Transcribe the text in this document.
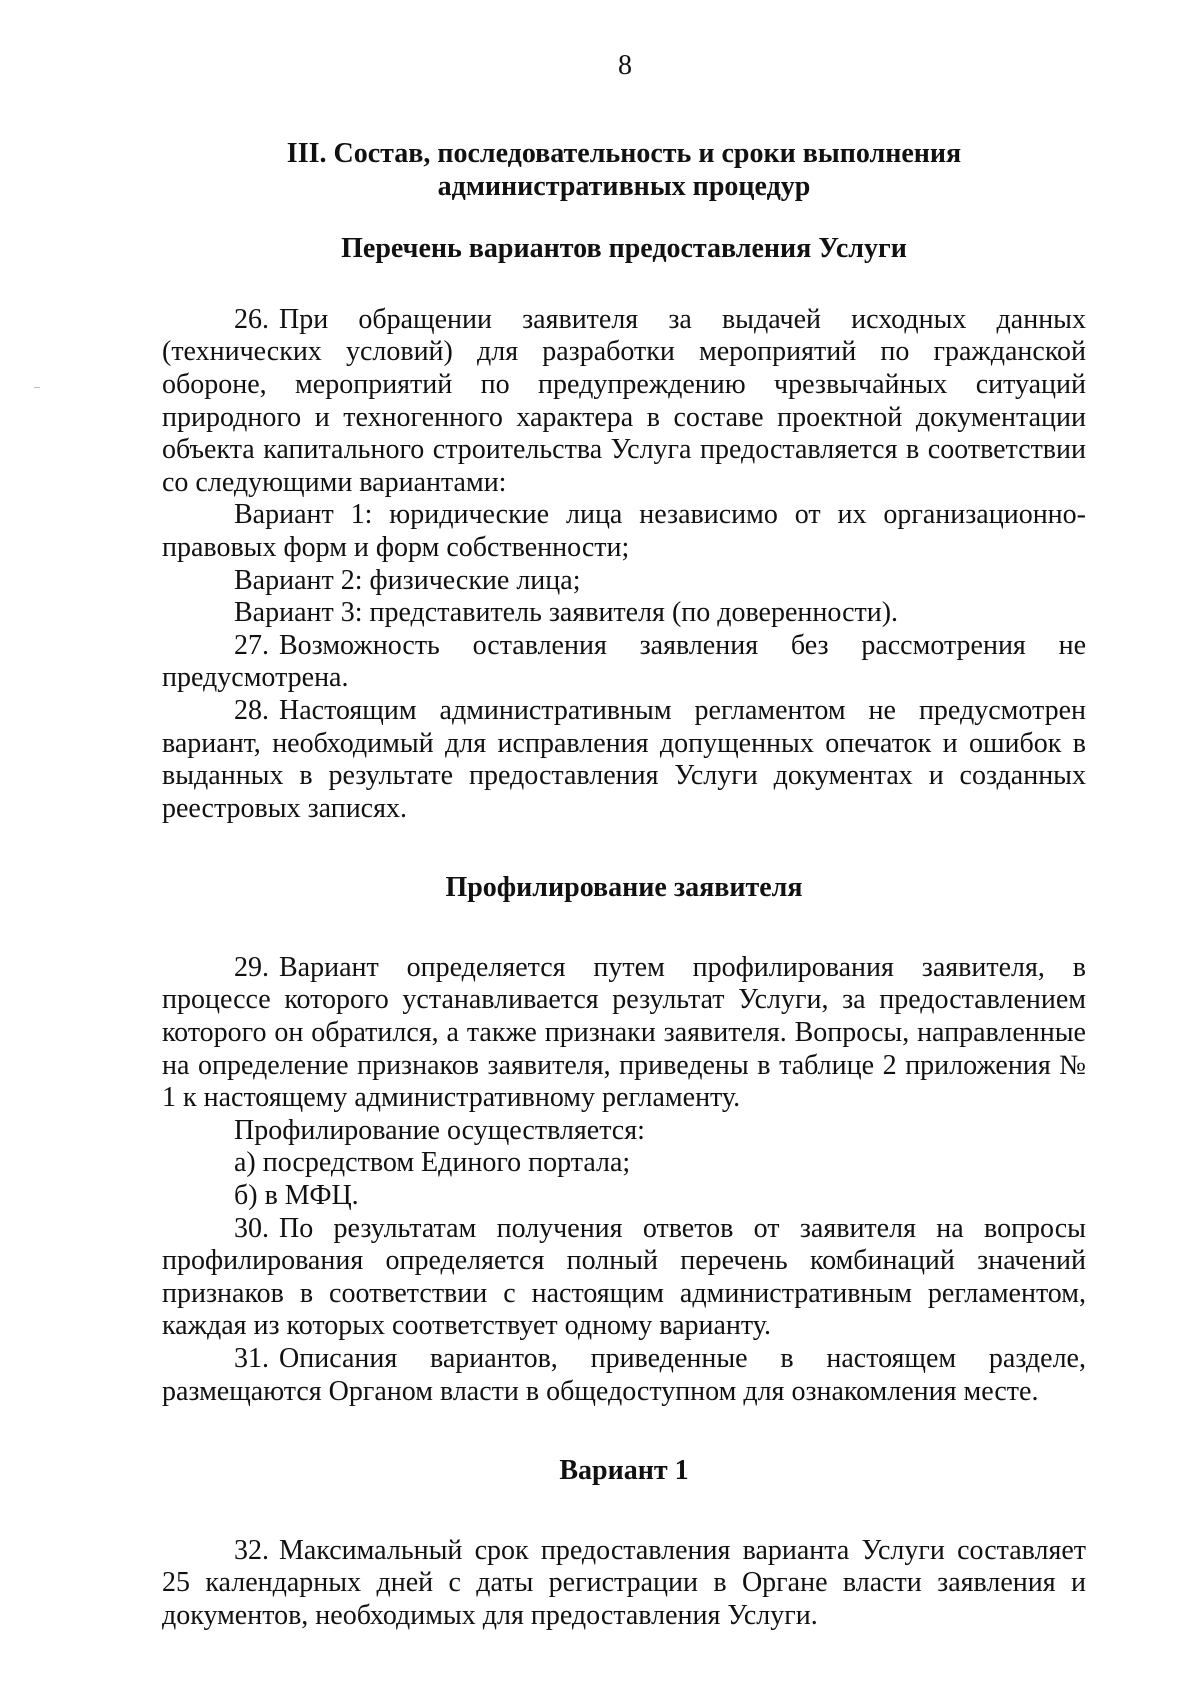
8
III. Состав, последовательность и сроки выполнения
административных процедур
Перечень вариантов предоставления Услуги

26. При обращении заявителя за выдачей исходных данных (технических условий) для разработки мероприятий по гражданской обороне, мероприятий по предупреждению чрезвычайных ситуаций природного и техногенного характера в составе проектной документации объекта капитального строительства Услуга предоставляется в соответствии со следующими вариантами:

Вариант 1: юридические лица независимо от их организационно-правовых форм и форм собственности;

Вариант 2: физические лица;

Вариант 3: представитель заявителя (по доверенности).

27. Возможность оставления заявления без рассмотрения не предусмотрена.

28. Настоящим административным регламентом не предусмотрен вариант, необходимый для исправления допущенных опечаток и ошибок в выданных в результате предоставления Услуги документах и созданных реестровых записях.

Профилирование заявителя

29. Вариант определяется путем профилирования заявителя, в процессе которого устанавливается результат Услуги, за предоставлением которого он обратился, а также признаки заявителя. Вопросы, направленные на определение признаков заявителя, приведены в таблице 2 приложения № 1 к настоящему административному регламенту.

Профилирование осуществляется:

а) посредством Единого портала;

б) в МФЦ.

30. По результатам получения ответов от заявителя на вопросы профилирования определяется полный перечень комбинаций значений признаков в соответствии с настоящим административным регламентом, каждая из которых соответствует одному варианту.

31. Описания вариантов, приведенные в настоящем разделе, размещаются Органом власти в общедоступном для ознакомления месте.

Вариант 1

32. Максимальный срок предоставления варианта Услуги составляет 25 календарных дней с даты регистрации в Органе власти заявления и документов, необходимых для предоставления Услуги.
